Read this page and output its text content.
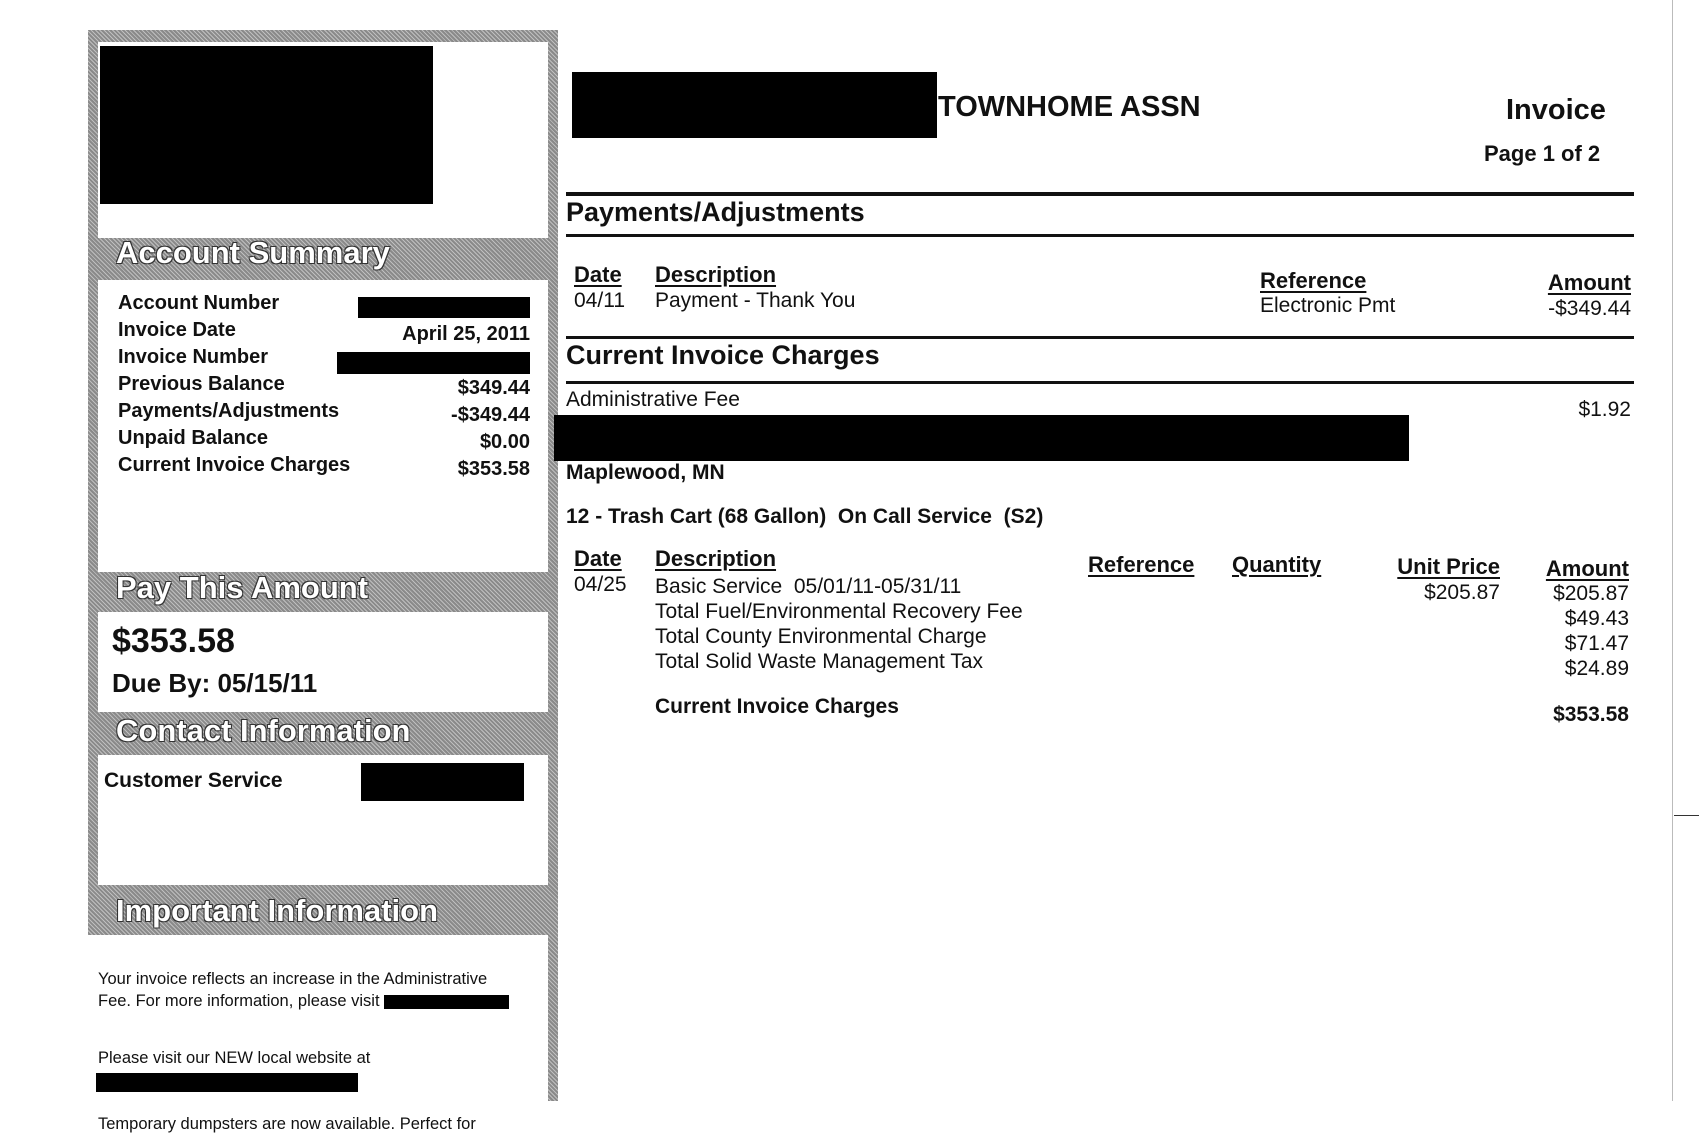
Account Summary
Account Number
Invoice Date	April 25, 2011
Invoice Number
Previous Balance	$349.44
Payments/Adjustments	-$349.44
Unpaid Balance	$0.00
Current Invoice Charges	$353.58
Pay This Amount
$353.58
Due By: 05/15/11
Contact Information
Customer Service
Important Information
Your invoice reflects an increase in the Administrative Fee. For more information, please visit
Please visit our NEW local website at
Temporary dumpsters are now available. Perfect for
TOWNHOME ASSN	Invoice
Page 1 of 2
Payments/Adjustments
Date Description	Reference	Amount
04/11 Payment - Thank You	Electronic Pmt	-$349.44
Current Invoice Charges
Administrative Fee	$1.92
Maplewood, MN
12 - Trash Cart (68 Gallon)  On Call Service  (S2)
Date Description	Reference Quantity	Unit Price Amount
04/25 Basic Service  05/01/11-05/31/11	$205.87	$205.87
Total Fuel/Environmental Recovery Fee	$49.43
Total County Environmental Charge	$71.47
Total Solid Waste Management Tax	$24.89
Current Invoice Charges	$353.58
